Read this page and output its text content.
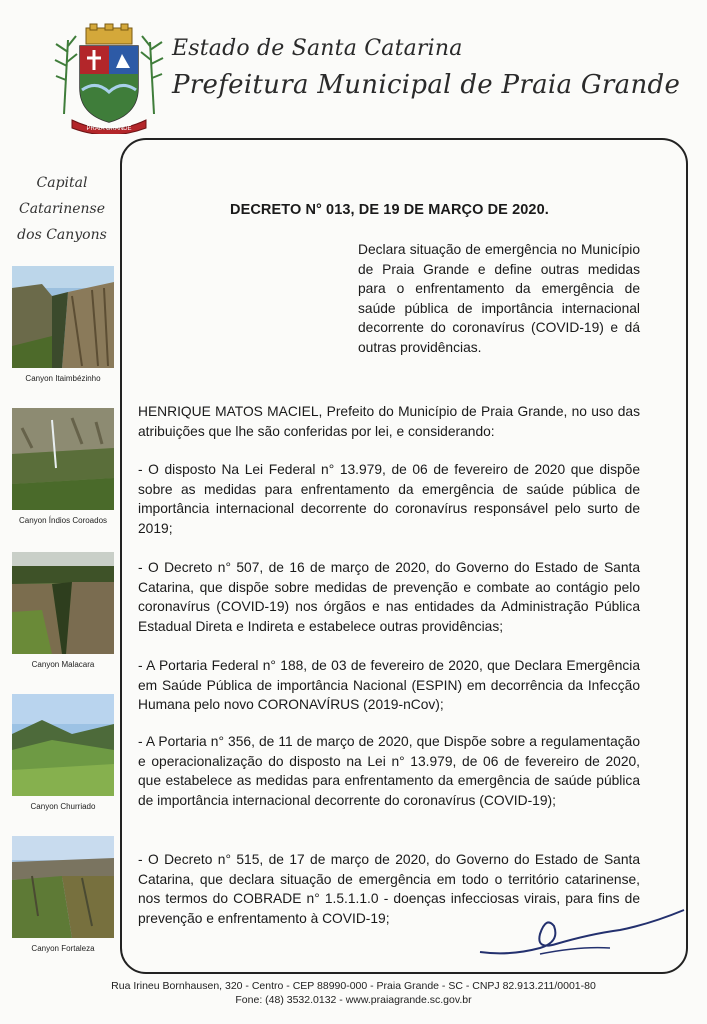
PRAIA GRANDE
Estado de Santa Catarina
Prefeitura Municipal de Praia Grande
Capital
Catarinense
dos Canyons
Canyon Itaimbézinho
Canyon Índios Coroados
Canyon Malacara
Canyon Churriado
Canyon Fortaleza
DECRETO N° 013, DE 19 DE MARÇO DE 2020.
Declara situação de emergência no Município de Praia Grande e define outras medidas para o enfrentamento da emergência de saúde pública de importância internacional decorrente do coronavírus (COVID-19) e dá outras providências.
HENRIQUE MATOS MACIEL, Prefeito do Município de Praia Grande, no uso das atribuições que lhe são conferidas por lei, e considerando:
- O disposto Na Lei Federal n° 13.979, de 06 de fevereiro de 2020 que dispõe sobre as medidas para enfrentamento da emergência de saúde pública de importância internacional decorrente do coronavírus responsável pelo surto de 2019;
- O Decreto n° 507, de 16 de março de 2020, do Governo do Estado de Santa Catarina, que dispõe sobre medidas de prevenção e combate ao contágio pelo coronavírus (COVID-19) nos órgãos e nas entidades da Administração Pública Estadual Direta e Indireta e estabelece outras providências;
- A Portaria Federal n° 188, de 03 de fevereiro de 2020, que Declara Emergência em Saúde Pública de importância Nacional (ESPIN) em decorrência da Infecção Humana pelo novo CORONAVÍRUS (2019-nCov);
- A Portaria n° 356, de 11 de março de 2020, que Dispõe sobre a regulamentação e operacionalização do disposto na Lei n° 13.979, de 06 de fevereiro de 2020, que estabelece as medidas para enfrentamento da emergência de saúde pública de importância internacional decorrente do coronavírus (COVID-19);
- O Decreto n° 515, de 17 de março de 2020, do Governo do Estado de Santa Catarina, que declara situação de emergência em todo o território catarinense, nos termos do COBRADE n° 1.5.1.1.0 - doenças infecciosas virais, para fins de prevenção e enfrentamento à COVID-19;
Rua Irineu Bornhausen, 320 - Centro - CEP 88990-000 - Praia Grande - SC - CNPJ 82.913.211/0001-80
Fone: (48) 3532.0132 - www.praiagrande.sc.gov.br
